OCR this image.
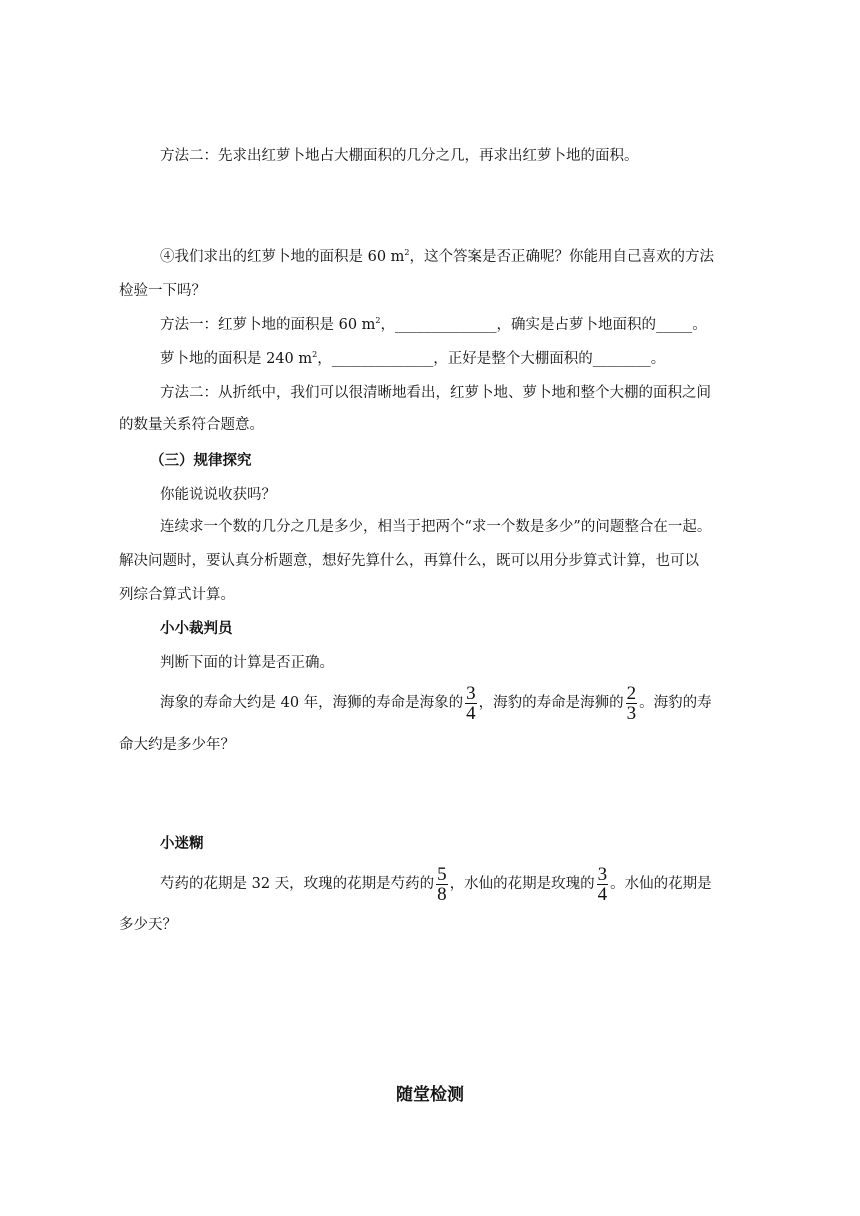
方法二：先求出红萝卜地占大棚面积的几分之几，再求出红萝卜地的面积。
④我们求出的红萝卜地的面积是 60 $m^2$，这个答案是否正确呢？你能用自己喜欢的方法
检验一下吗？
方法一：红萝卜地的面积是 60 $m^2$，______________，确实是占萝卜地面积的_____。
萝卜地的面积是 240 $m^2$，______________，正好是整个大棚面积的________。
方法二：从折纸中，我们可以很清晰地看出，红萝卜地、萝卜地和整个大棚的面积之间
的数量关系符合题意。
（三）规律探究
你能说说收获吗？
连续求一个数的几分之几是多少，相当于把两个“求一个数是多少”的问题整合在一起。
解决问题时，要认真分析题意，想好先算什么，再算什么，既可以用分步算式计算，也可以
列综合算式计算。
小小裁判员
判断下面的计算是否正确。
海象的寿命大约是 40 年，海狮的寿命是海象的 $\frac{3}{4}$ ，海豹的寿命是海狮的 $\frac{2}{3}$ 。海豹的寿
命大约是多少年？
小迷糊
芍药的花期是 32 天，玫瑰的花期是芍药的 $\frac{5}{8}$ ，水仙的花期是玫瑰的 $\frac{3}{4}$ 。水仙的花期是
多少天？
随堂检测
